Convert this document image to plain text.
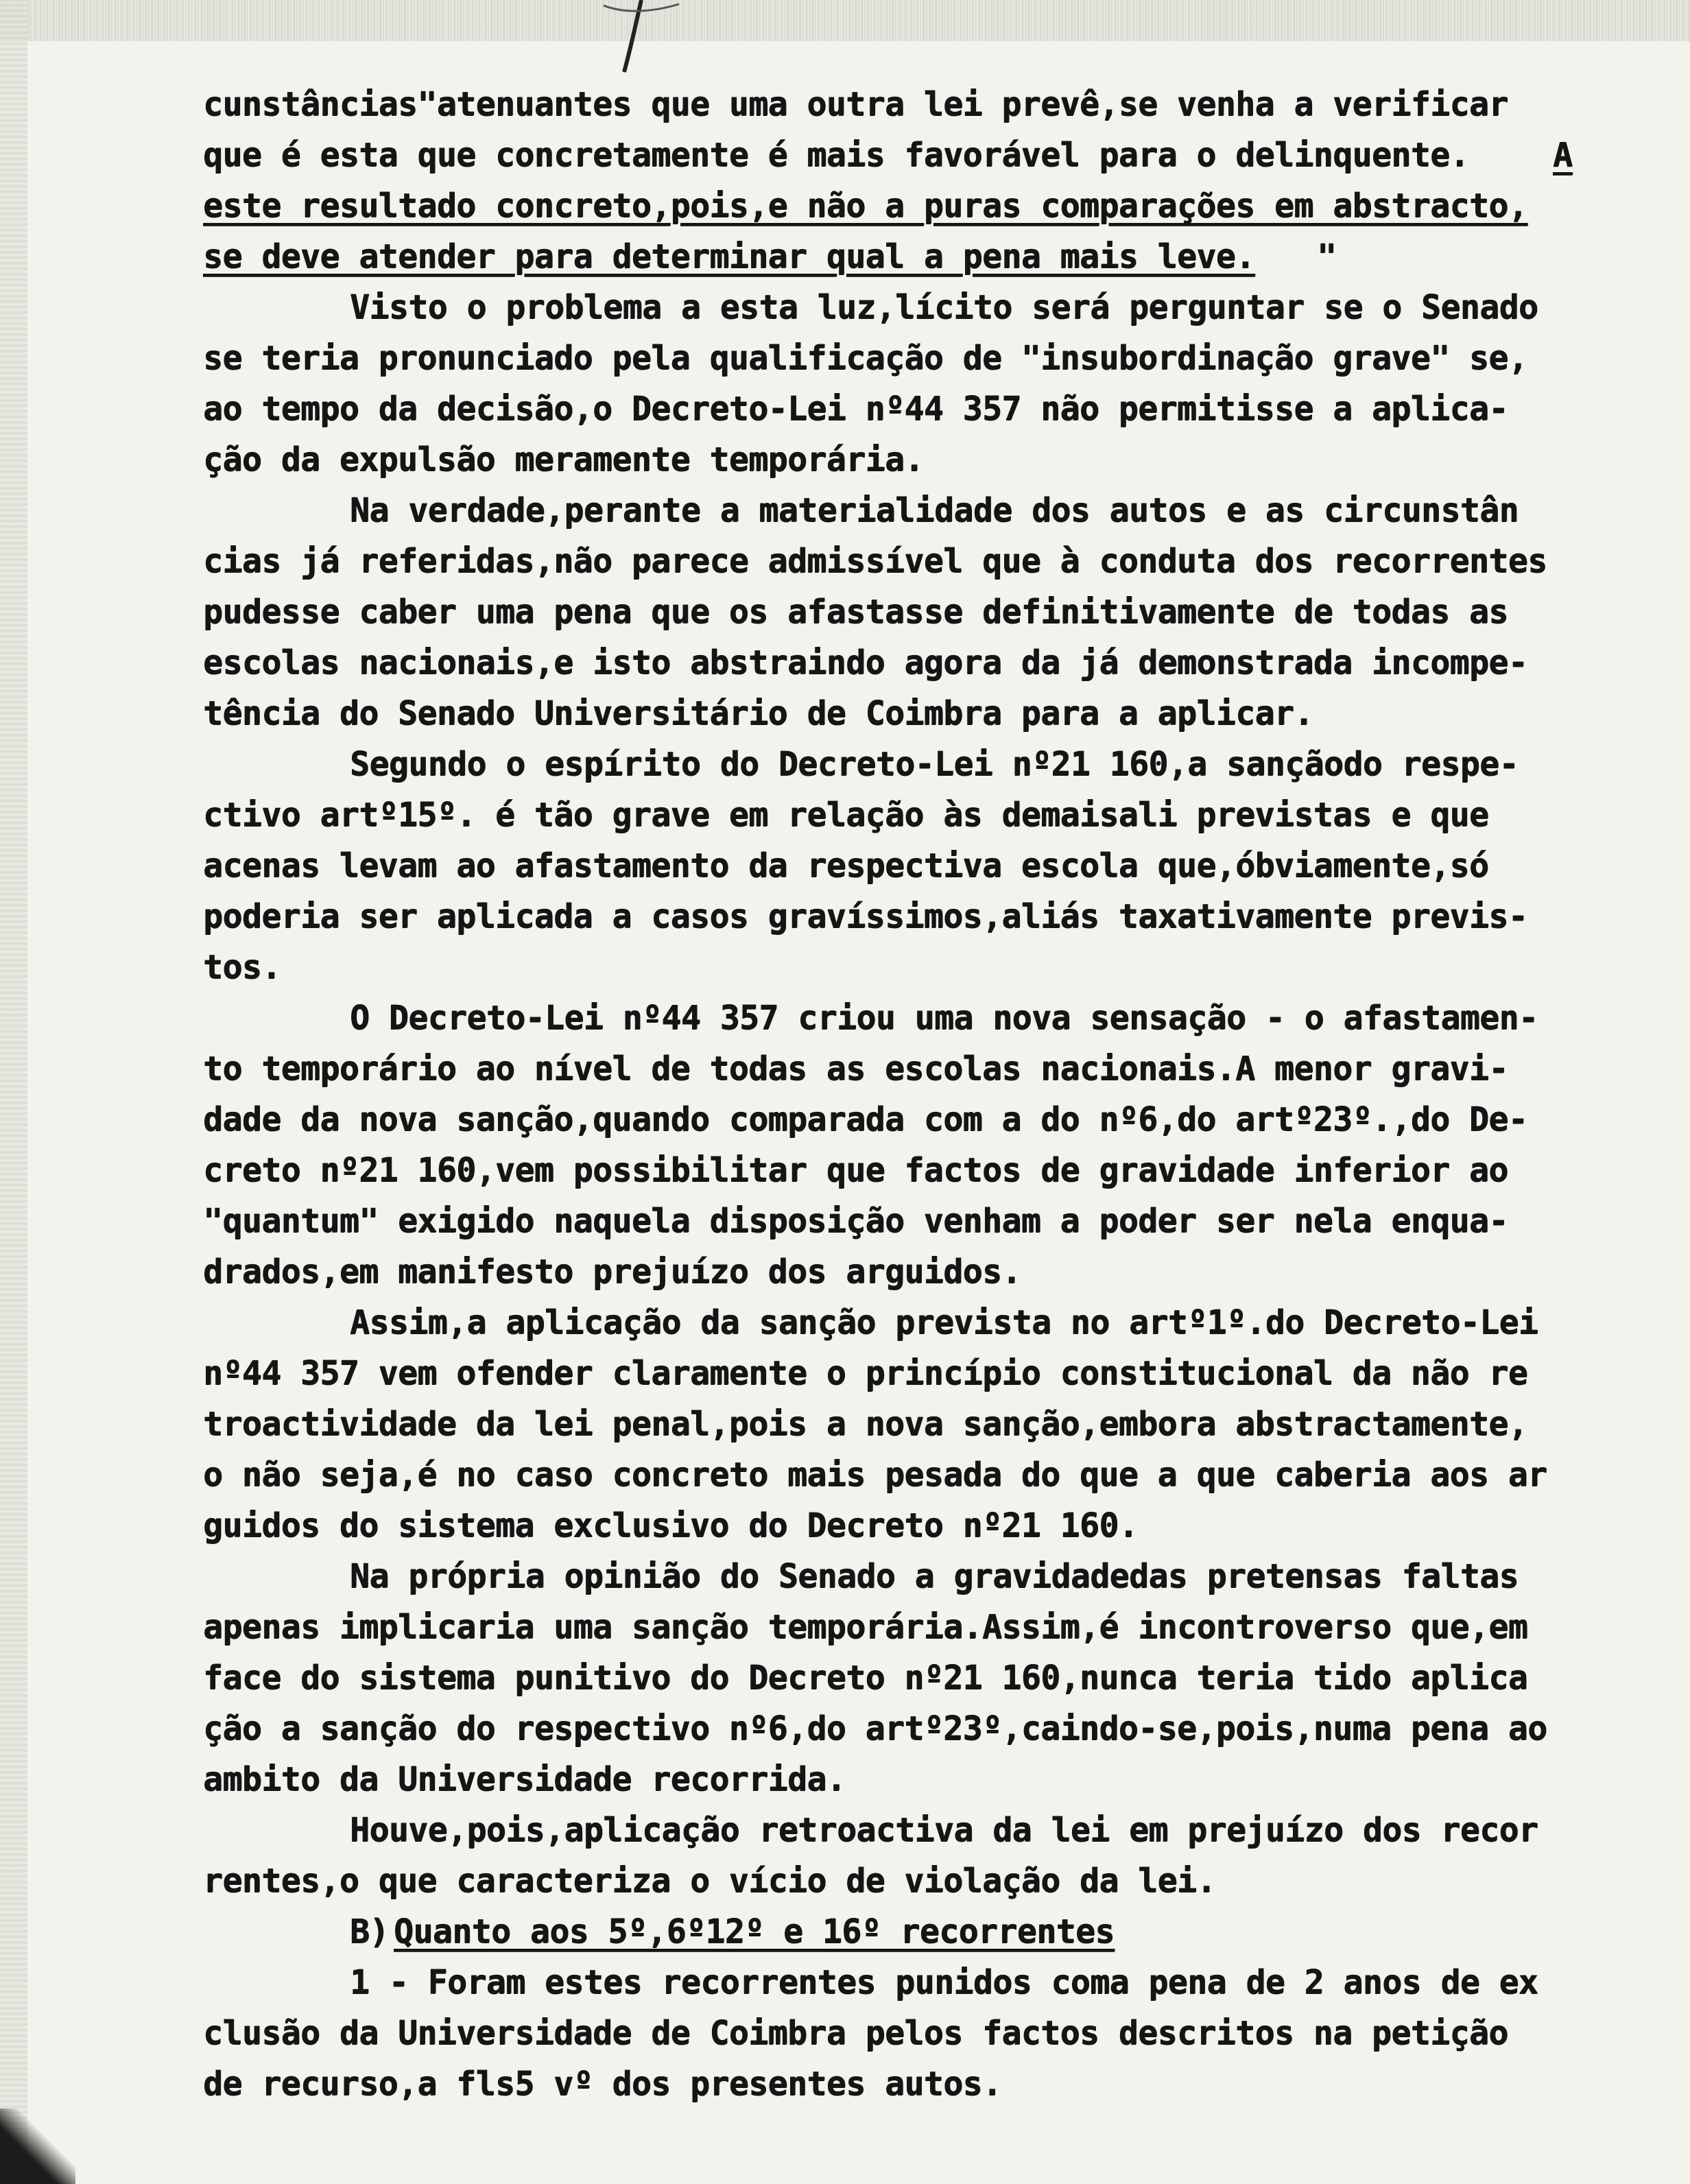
cunstâncias"atenuantes que uma outra lei prevê,se venha a verificar
que é esta que concretamente é mais favorável para o delinquente.	A
este resultado concreto,pois,e não a puras comparações em abstracto,
se deve atender para determinar qual a pena mais leve. "
Visto o problema a esta luz,lícito será perguntar se o Senado
se teria pronunciado pela qualificação de "insubordinação grave" se,
ao tempo da decisão,o Decreto-Lei nº44 357 não permitisse a aplica-
ção da expulsão meramente temporária.
Na verdade,perante a materialidade dos autos e as circunstân
cias já referidas,não parece admissível que à conduta dos recorrentes
pudesse caber uma pena que os afastasse definitivamente de todas as
escolas nacionais,e isto abstraindo agora da já demonstrada incompe-
tência do Senado Universitário de Coimbra para a aplicar.
Segundo o espírito do Decreto-Lei nº21 160,a sançãodo respe-
ctivo artº15º. é tão grave em relação às demaisali previstas e que
acenas levam ao afastamento da respectiva escola que,óbviamente,só
poderia ser aplicada a casos gravíssimos,aliás taxativamente previs-
tos.
O Decreto-Lei nº44 357 criou uma nova sensação - o afastamen-
to temporário ao nível de todas as escolas nacionais.A menor gravi-
dade da nova sanção,quando comparada com a do nº6,do artº23º.,do De-
creto nº21 160,vem possibilitar que factos de gravidade inferior ao
"quantum" exigido naquela disposição venham a poder ser nela enqua-
drados,em manifesto prejuízo dos arguidos.
Assim,a aplicação da sanção prevista no artº1º.do Decreto-Lei
nº44 357 vem ofender claramente o princípio constitucional da não re
troactividade da lei penal,pois a nova sanção,embora abstractamente,
o não seja,é no caso concreto mais pesada do que a que caberia aos ar
guidos do sistema exclusivo do Decreto nº21 160.
Na própria opinião do Senado a gravidadedas pretensas faltas
apenas implicaria uma sanção temporária.Assim,é incontroverso que,em
face do sistema punitivo do Decreto nº21 160,nunca teria tido aplica
ção a sanção do respectivo nº6,do artº23º,caindo-se,pois,numa pena ao
ambito da Universidade recorrida.
Houve,pois,aplicação retroactiva da lei em prejuízo dos recor
rentes,o que caracteriza o vício de violação da lei.
B) Quanto aos 5º,6º12º e 16º recorrentes
1 - Foram estes recorrentes punidos coma pena de 2 anos de ex
clusão da Universidade de Coimbra pelos factos descritos na petição
de recurso,a fls5 vº dos presentes autos.
